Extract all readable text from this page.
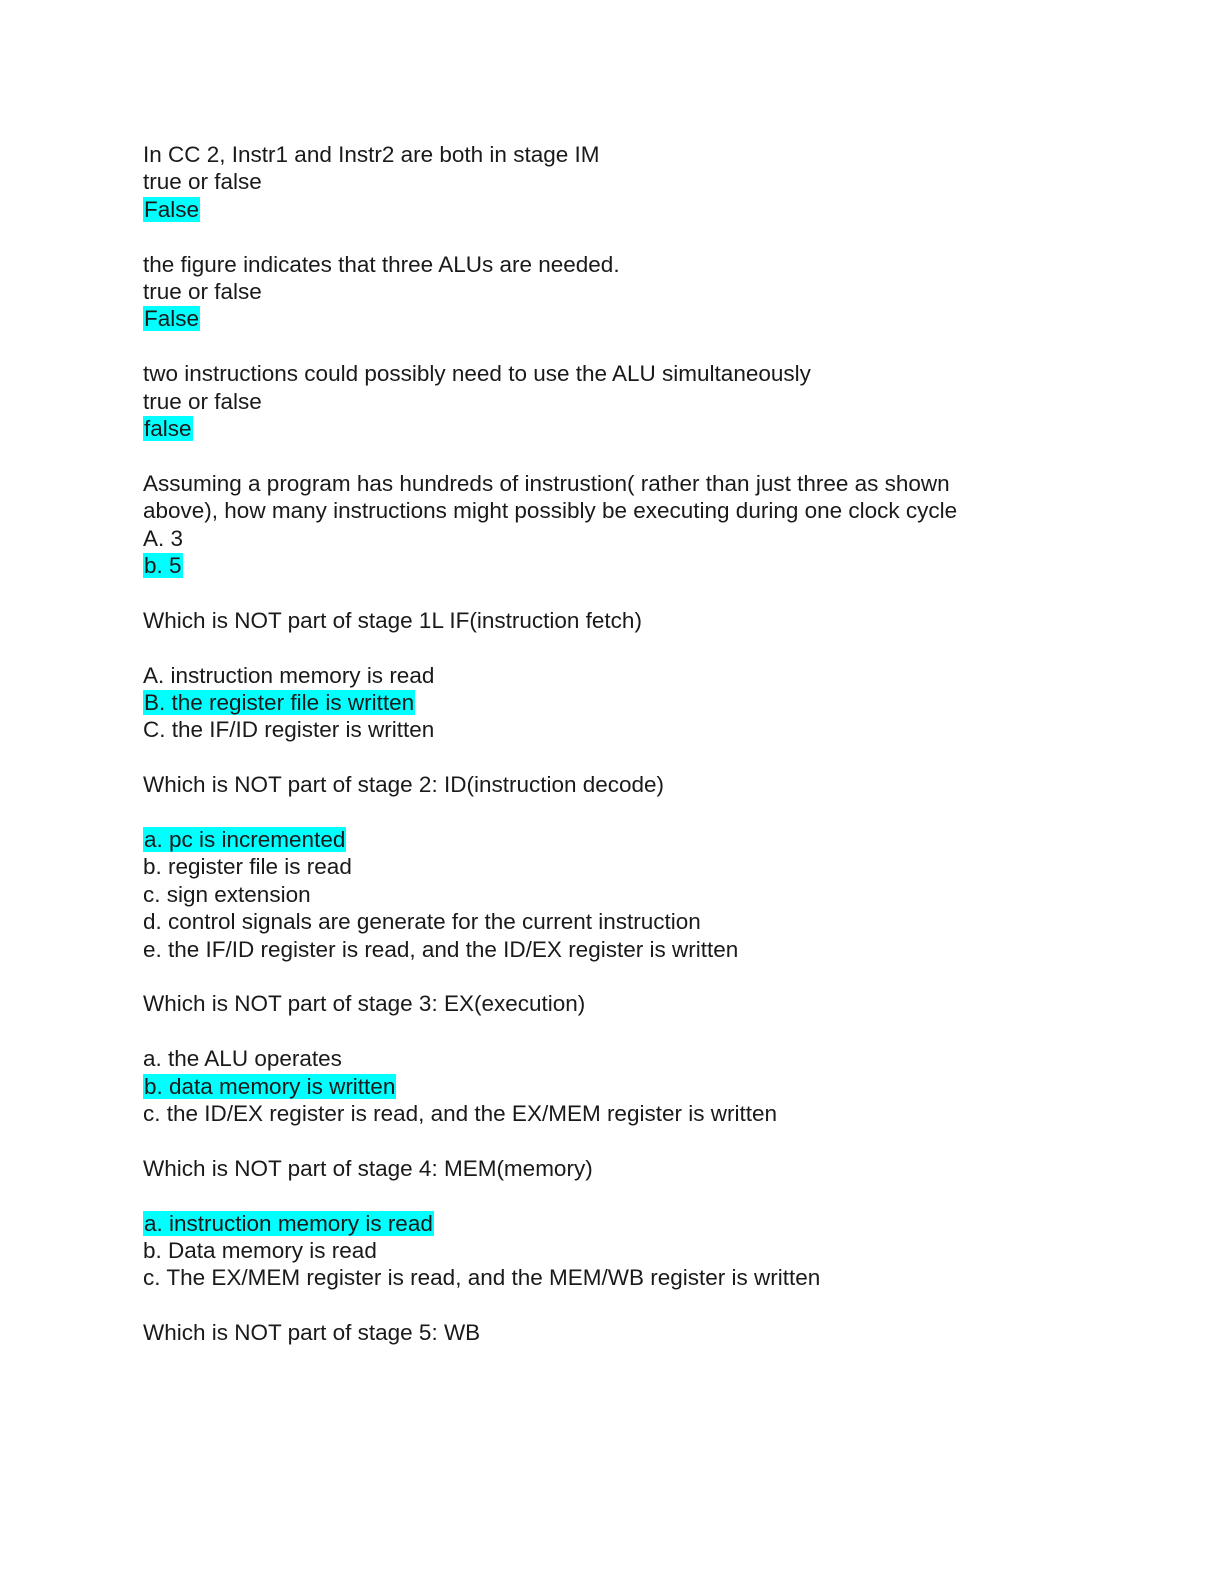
In CC 2, Instr1 and Instr2 are both in stage IM
true or false
False
the figure indicates that three ALUs are needed.
true or false
False
two instructions could possibly need to use the ALU simultaneously
true or false
false
Assuming a program has hundreds of instrustion( rather than just three as shown
above), how many instructions might possibly be executing during one clock cycle
A. 3
b. 5
Which is NOT part of stage 1L IF(instruction fetch)
A. instruction memory is read
B. the register file is written
C. the IF/ID register is written
Which is NOT part of stage 2: ID(instruction decode)
a. pc is incremented
b. register file is read
c. sign extension
d. control signals are generate for the current instruction
e. the IF/ID register is read, and the ID/EX register is written
Which is NOT part of stage 3: EX(execution)
a. the ALU operates
b. data memory is written
c. the ID/EX register is read, and the EX/MEM register is written
Which is NOT part of stage 4: MEM(memory)
a. instruction memory is read
b. Data memory is read
c. The EX/MEM register is read, and the MEM/WB register is written
Which is NOT part of stage 5: WB
